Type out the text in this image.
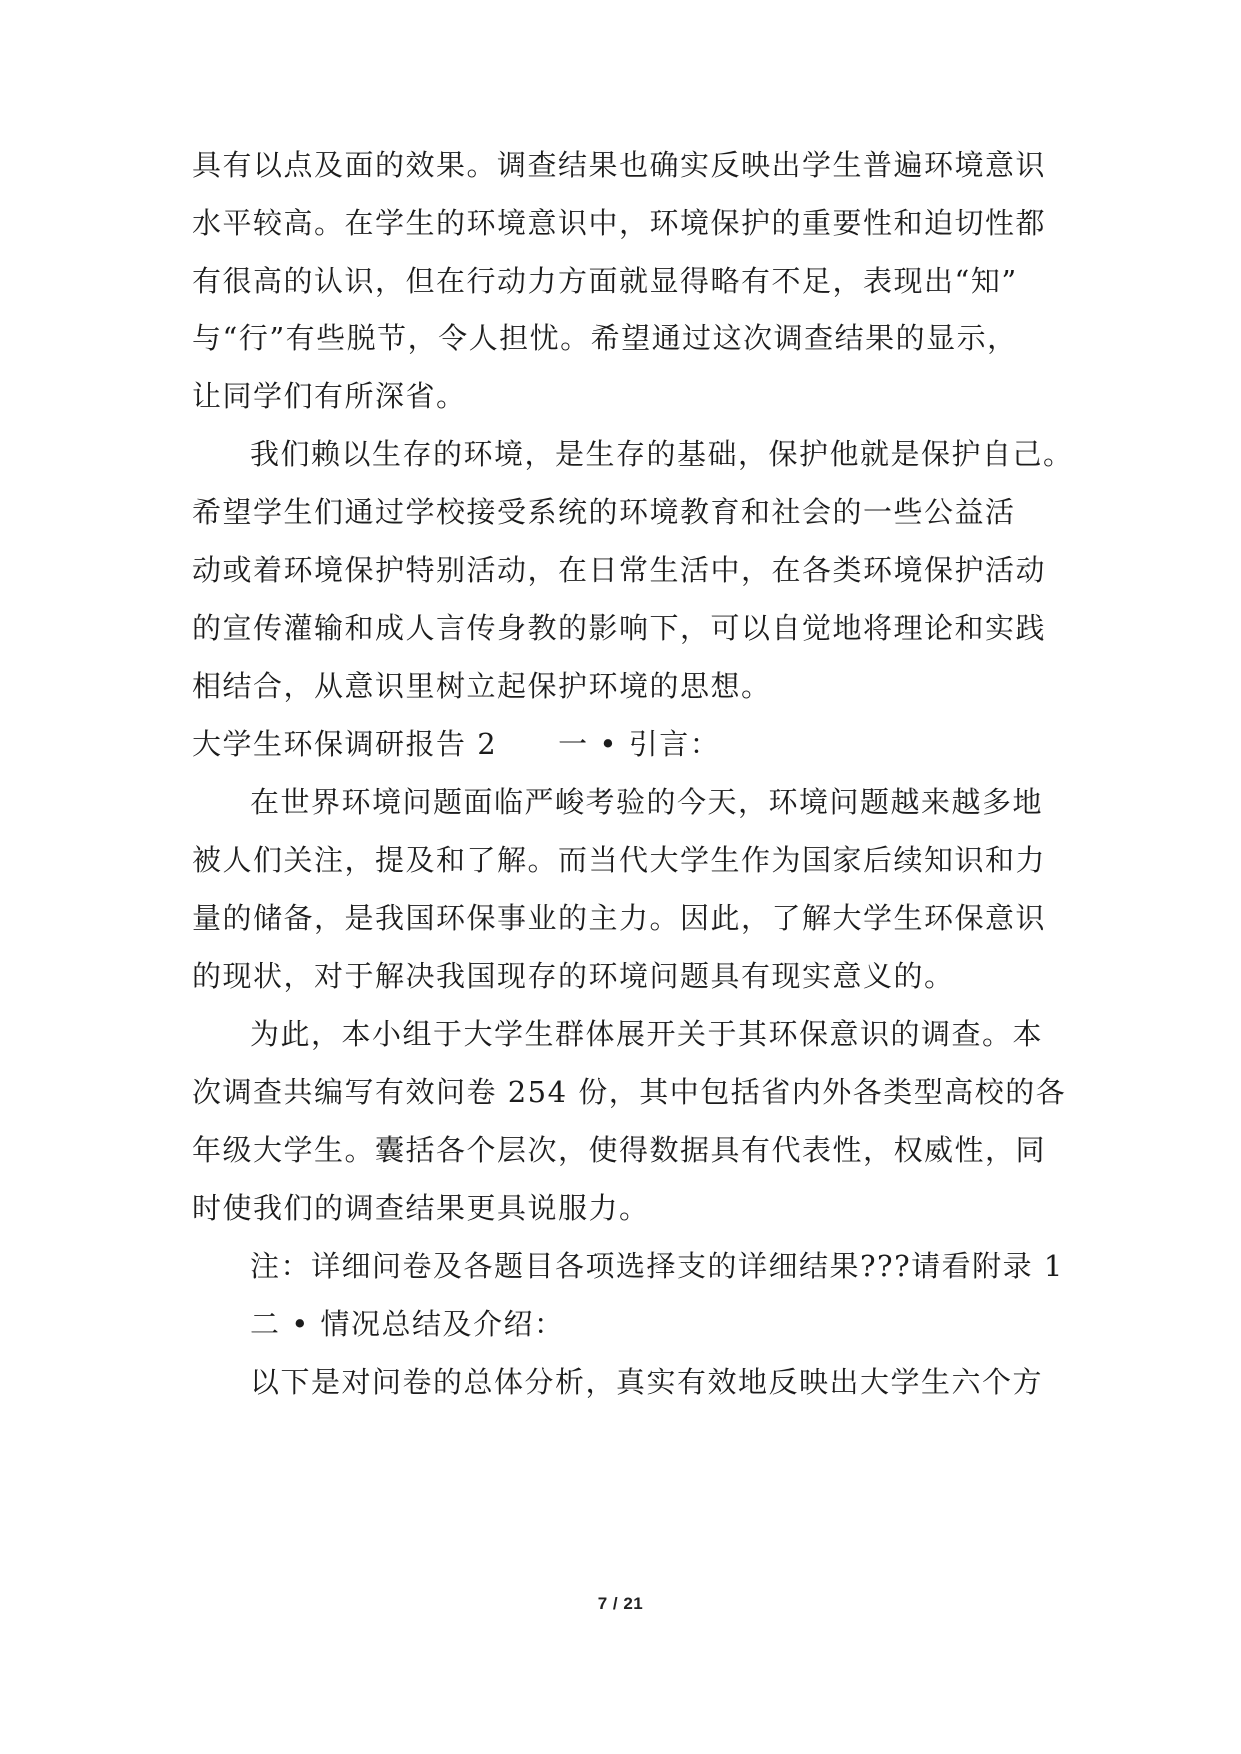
具有以点及面的效果。调查结果也确实反映出学生普遍环境意识
水平较高。在学生的环境意识中，环境保护的重要性和迫切性都
有很高的认识，但在行动力方面就显得略有不足，表现出“知”
与“行”有些脱节，令人担忧。希望通过这次调查结果的显示，
让同学们有所深省。
我们赖以生存的环境，是生存的基础，保护他就是保护自己。
希望学生们通过学校接受系统的环境教育和社会的一些公益活
动或着环境保护特别活动，在日常生活中，在各类环境保护活动
的宣传灌输和成人言传身教的影响下，可以自觉地将理论和实践
相结合，从意识里树立起保护环境的思想。
大学生环保调研报告 2　　一 • 引言：
在世界环境问题面临严峻考验的今天，环境问题越来越多地
被人们关注，提及和了解。而当代大学生作为国家后续知识和力
量的储备，是我国环保事业的主力。因此，了解大学生环保意识
的现状，对于解决我国现存的环境问题具有现实意义的。
为此，本小组于大学生群体展开关于其环保意识的调查。本
次调查共编写有效问卷 254 份，其中包括省内外各类型高校的各
年级大学生。囊括各个层次，使得数据具有代表性，权威性，同
时使我们的调查结果更具说服力。
注：详细问卷及各题目各项选择支的详细结果???请看附录 1
二 • 情况总结及介绍：
以下是对问卷的总体分析，真实有效地反映出大学生六个方
7 / 21
